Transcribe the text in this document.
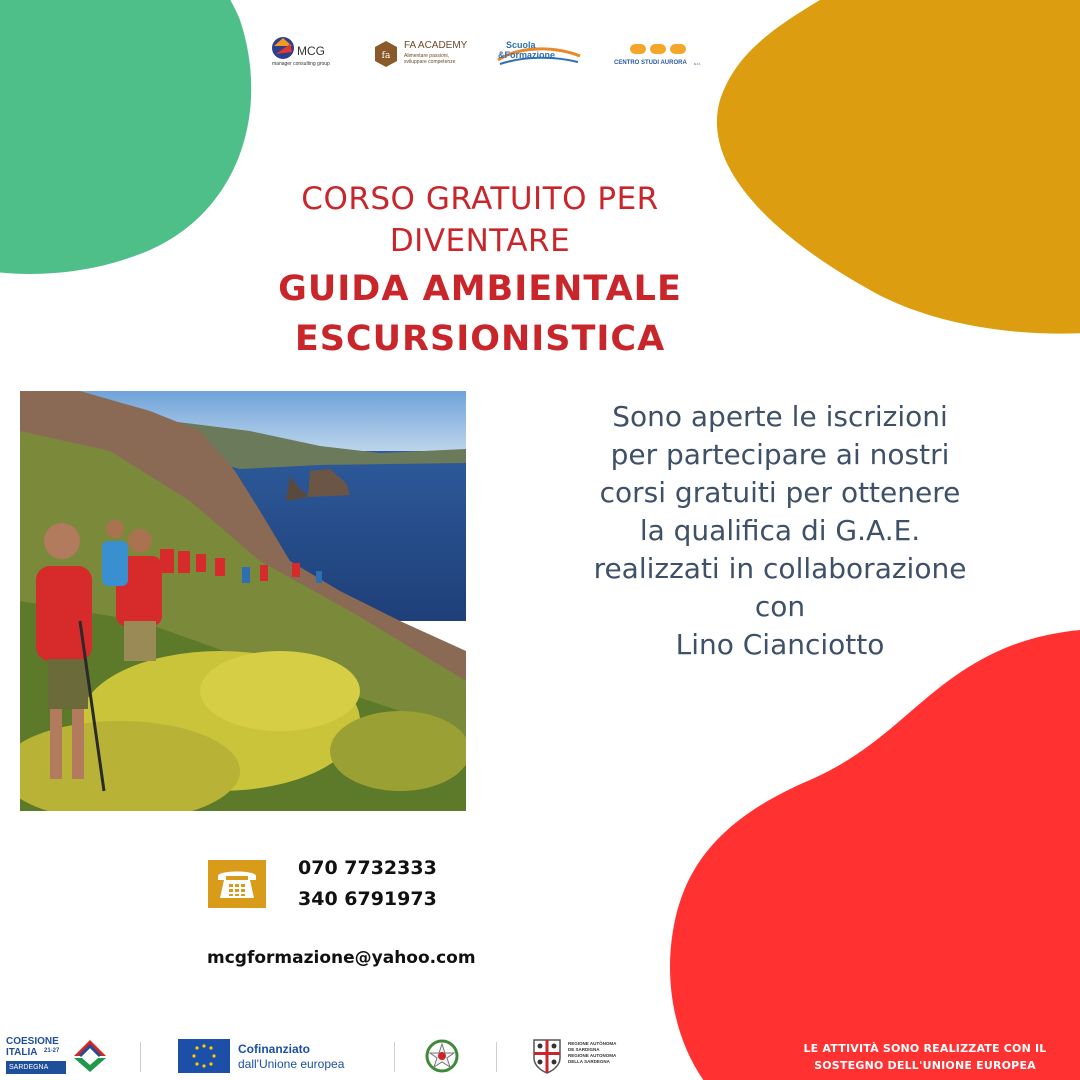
MCG
manager consulting group
fa
FA ACADEMY
Alimentare passioni,
sviluppare competenze
Scuola
&Formazione
CENTRO STUDI AURORA s.r.l.
CORSO GRATUITO PER
DIVENTARE
GUIDA AMBIENTALE
ESCURSIONISTICA
Sono aperte le iscrizioni
per partecipare ai nostri
corsi gratuiti per ottenere
la qualifica di G.A.E.
realizzati in collaborazione
con
Lino Cianciotto
070 7732333
340 6791973
mcgformazione@yahoo.com
COESIONE
ITALIA 21-27
SARDEGNA
Cofinanziato
dall'Unione europea
REGIONE AUTÒNOMA
DE SARDIGNA
REGIONE AUTONOMA
DELLA SARDEGNA
LE ATTIVITÀ SONO REALIZZATE CON IL
SOSTEGNO DELL'UNIONE EUROPEA
